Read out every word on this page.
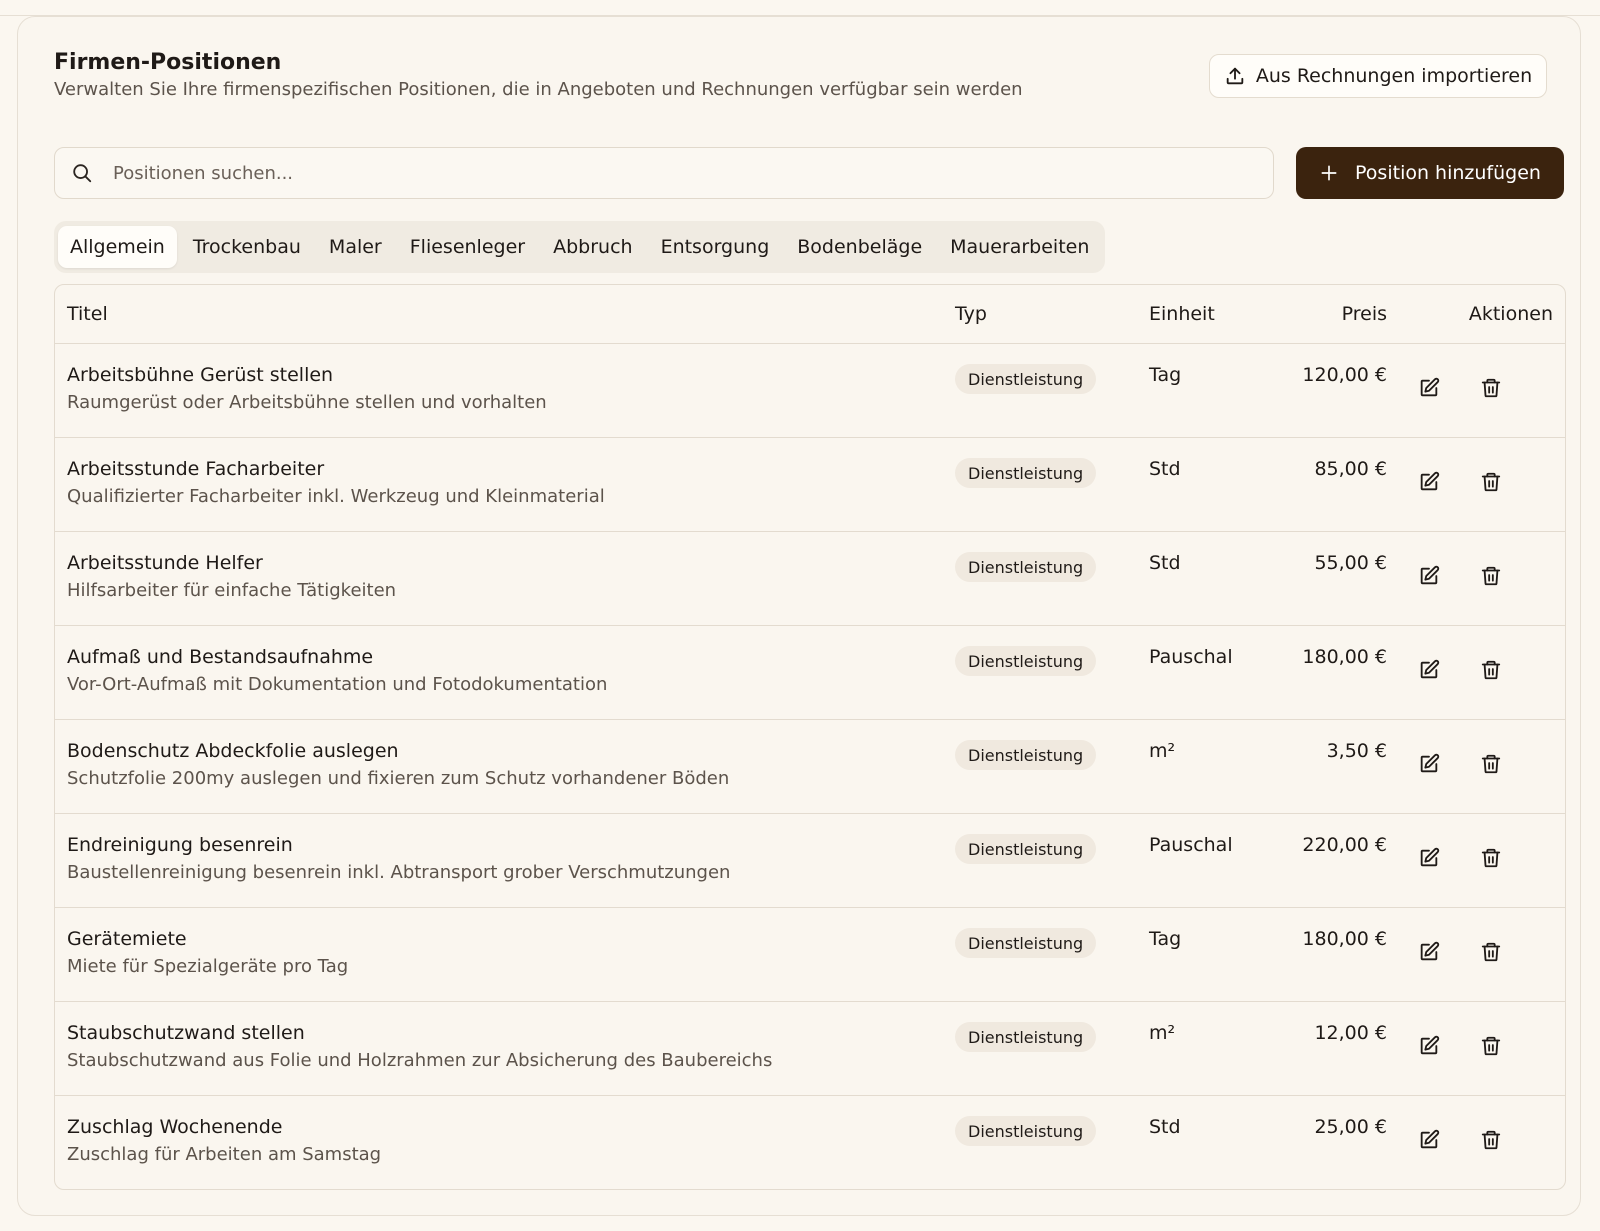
Firmen-Positionen

Verwalten Sie Ihre firmenspezifischen Positionen, die in Angeboten und Rechnungen verfügbar sein werden

Aus Rechnungen importieren
Positionen suchen...
Position hinzufügen
Allgemein	Trockenbau	Maler	Fliesenleger	Abbruch	Entsorgung	Bodenbeläge	Mauerarbeiten
Titel	Typ	Einheit	Preis	Aktionen
Arbeitsbühne Gerüst stellen
Raumgerüst oder Arbeitsbühne stellen und vorhalten
Dienstleistung	Tag	120,00 €
Arbeitsstunde Facharbeiter
Qualifizierter Facharbeiter inkl. Werkzeug und Kleinmaterial
Dienstleistung	Std	85,00 €
Arbeitsstunde Helfer
Hilfsarbeiter für einfache Tätigkeiten
Dienstleistung	Std	55,00 €
Aufmaß und Bestandsaufnahme
Vor-Ort-Aufmaß mit Dokumentation und Fotodokumentation
Dienstleistung	Pauschal	180,00 €
Bodenschutz Abdeckfolie auslegen
Schutzfolie 200my auslegen und fixieren zum Schutz vorhandener Böden
Dienstleistung	m²	3,50 €
Endreinigung besenrein
Baustellenreinigung besenrein inkl. Abtransport grober Verschmutzungen
Dienstleistung	Pauschal	220,00 €
Gerätemiete
Miete für Spezialgeräte pro Tag
Dienstleistung	Tag	180,00 €
Staubschutzwand stellen
Staubschutzwand aus Folie und Holzrahmen zur Absicherung des Baubereichs
Dienstleistung	m²	12,00 €
Zuschlag Wochenende
Zuschlag für Arbeiten am Samstag
Dienstleistung	Std	25,00 €
